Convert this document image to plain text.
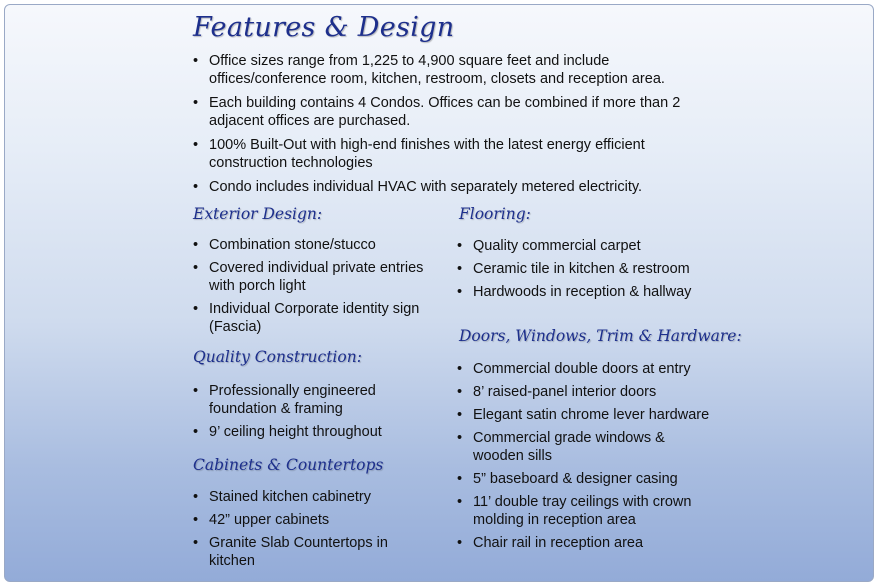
Features & Design
• Office sizes range from 1,225 to 4,900 square feet and include offices/conference room, kitchen, restroom, closets and reception area.
• Each building contains 4 Condos. Offices can be combined if more than 2 adjacent offices are purchased.
• 100% Built-Out with high-end finishes with the latest energy efficient construction technologies
• Condo includes individual HVAC with separately metered electricity.
Exterior Design:
• Combination stone/stucco
• Covered individual private entries with porch light
• Individual Corporate identity sign (Fascia)
Quality Construction:
• Professionally engineered foundation & framing
• 9’ ceiling height throughout
Cabinets & Countertops
• Stained kitchen cabinetry
• 42” upper cabinets
• Granite Slab Countertops in kitchen
Flooring:
• Quality commercial carpet
• Ceramic tile in kitchen & restroom
• Hardwoods in reception & hallway
Doors, Windows, Trim & Hardware:
• Commercial double doors at entry
• 8’ raised-panel interior doors
• Elegant satin chrome lever hardware
• Commercial grade windows & wooden sills
• 5” baseboard & designer casing
• 11’ double tray ceilings with crown molding in reception area
• Chair rail in reception area
